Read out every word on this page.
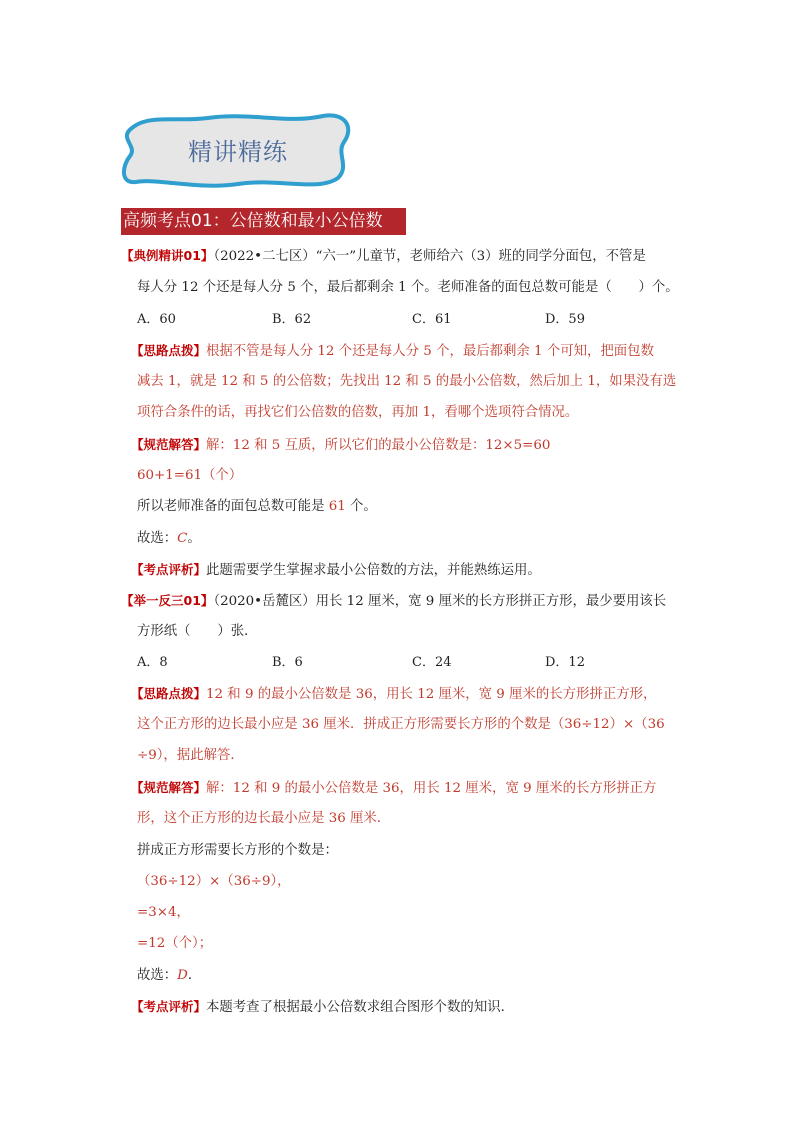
精讲精练
高频考点01：公倍数和最小公倍数
【典例精讲01】（2022•二七区）“六一”儿童节，老师给六（3）班的同学分面包，不管是
每人分 12 个还是每人分 5 个，最后都剩余 1 个。老师准备的面包总数可能是（　　）个。
A．60	B．62	C．61	D．59
【思路点拨】根据不管是每人分 12 个还是每人分 5 个，最后都剩余 1 个可知，把面包数
减去 1，就是 12 和 5 的公倍数；先找出 12 和 5 的最小公倍数，然后加上 1，如果没有选
项符合条件的话，再找它们公倍数的倍数，再加 1，看哪个选项符合情况。
【规范解答】解：12 和 5 互质，所以它们的最小公倍数是：12×5=60
60+1=61（个）
所以老师准备的面包总数可能是 61 个。
故选：C。
【考点评析】此题需要学生掌握求最小公倍数的方法，并能熟练运用。
【举一反三01】（2020•岳麓区）用长 12 厘米，宽 9 厘米的长方形拼正方形，最少要用该长
方形纸（　　）张．
A．8	B．6	C．24	D．12
【思路点拨】12 和 9 的最小公倍数是 36，用长 12 厘米，宽 9 厘米的长方形拼正方形，
这个正方形的边长最小应是 36 厘米．拼成正方形需要长方形的个数是（36÷12）×（36
÷9），据此解答．
【规范解答】解：12 和 9 的最小公倍数是 36，用长 12 厘米，宽 9 厘米的长方形拼正方
形，这个正方形的边长最小应是 36 厘米．
拼成正方形需要长方形的个数是：
（36÷12）×（36÷9），
=3×4，
=12（个）；
故选：D．
【考点评析】本题考查了根据最小公倍数求组合图形个数的知识．
